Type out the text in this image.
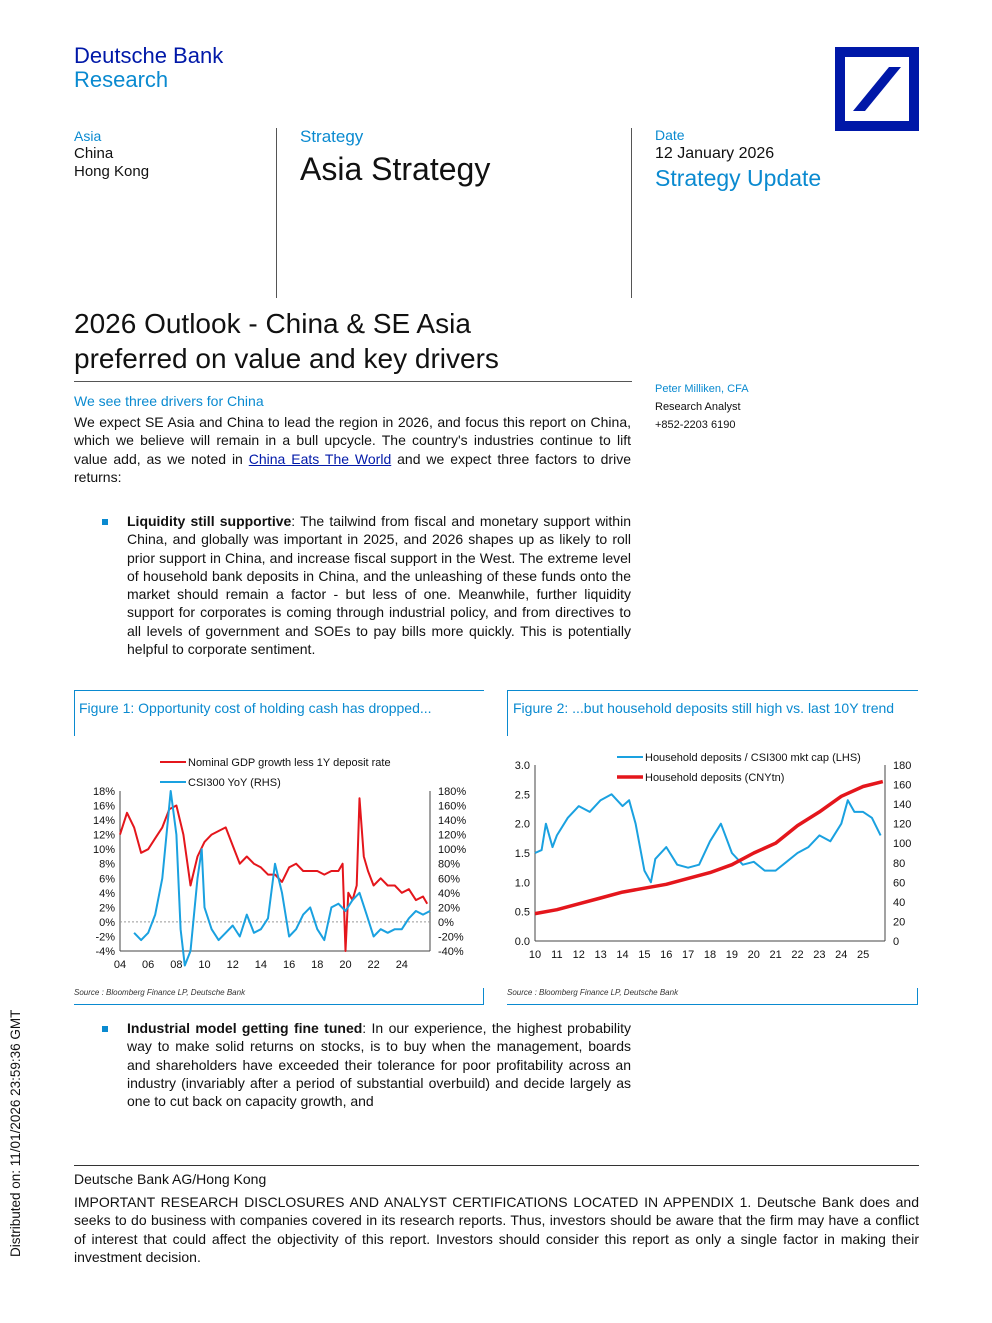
Deutsche Bank
Research
Asia
China
Hong Kong
Strategy
Asia Strategy
Date
12 January 2026
Strategy Update
2026 Outlook - China & SE Asia
preferred on value and key drivers
Peter Milliken, CFA
Research Analyst
+852-2203 6190
We see three drivers for China
We expect SE Asia and China to lead the region in 2026, and focus this report on China, which we believe will remain in a bull upcycle. The country's industries continue to lift value add, as we noted in China Eats The World and we expect three factors to drive returns:
Liquidity still supportive: The tailwind from fiscal and monetary support within China, and globally was important in 2025, and 2026 shapes up as likely to roll prior support in China, and increase fiscal support in the West. The extreme level of household bank deposits in China, and the unleashing of these funds onto the market should remain a factor - but less of one. Meanwhile, further liquidity support for corporates is coming through industrial policy, and from directives to all levels of government and SOEs to pay bills more quickly. This is potentially helpful to corporate sentiment.
Figure 1: Opportunity cost of holding cash has dropped...
Nominal GDP growth less 1Y deposit rate
CSI300 YoY (RHS)
18%
16%
14%
12%
10%
8%
6%
4%
2%
0%
-2%
-4%
180%
160%
140%
120%
100%
80%
60%
40%
20%
0%
-20%
-40%
04 06 08 10 12 14 16 18 20 22 24
Source : Bloomberg Finance LP, Deutsche Bank
Figure 2: ...but household deposits still high vs. last 10Y trend
Household deposits / CSI300 mkt cap (LHS)
Household deposits (CNYtn)
3.0
2.5
2.0
1.5
1.0
0.5
0.0
180
160
140
120
100
80
60
40
20
0
10 11 12 13 14 15 16 17 18 19 20 21 22 23 24 25
Source : Bloomberg Finance LP, Deutsche Bank
Industrial model getting fine tuned: In our experience, the highest probability way to make solid returns on stocks, is to buy when the management, boards and shareholders have exceeded their tolerance for poor profitability across an industry (invariably after a period of substantial overbuild) and decide largely as one to cut back on capacity growth, and
Deutsche Bank AG/Hong Kong
IMPORTANT RESEARCH DISCLOSURES AND ANALYST CERTIFICATIONS LOCATED IN APPENDIX 1. Deutsche Bank does and seeks to do business with companies covered in its research reports. Thus, investors should be aware that the firm may have a conflict of interest that could affect the objectivity of this report. Investors should consider this report as only a single factor in making their investment decision.
Distributed on: 11/01/2026 23:59:36 GMT
